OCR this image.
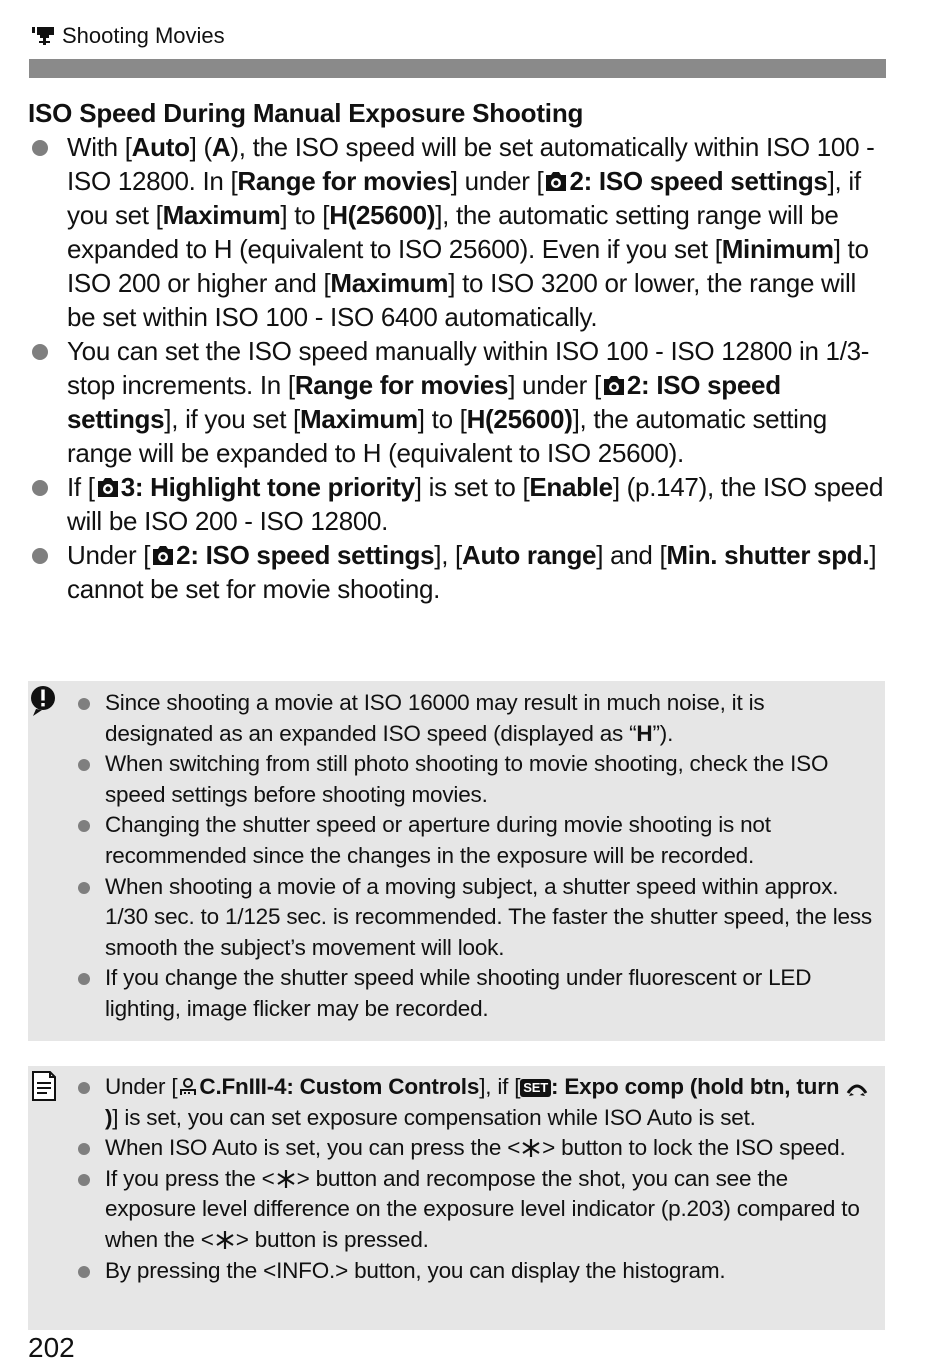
Shooting Movies
ISO Speed During Manual Exposure Shooting
With [Auto] (A), the ISO speed will be set automatically within ISO 100 - ISO 12800. In [Range for movies] under [ 2: ISO speed settings], if you set [Maximum] to [H(25600)], the automatic setting range will be expanded to H (equivalent to ISO 25600). Even if you set [Minimum] to ISO 200 or higher and [Maximum] to ISO 3200 or lower, the range will be set within ISO 100 - ISO 6400 automatically.
You can set the ISO speed manually within ISO 100 - ISO 12800 in 1/3-stop increments. In [Range for movies] under [ 2: ISO speed settings], if you set [Maximum] to [H(25600)], the automatic setting range will be expanded to H (equivalent to ISO 25600).
If [ 3: Highlight tone priority] is set to [Enable] (p.147), the ISO speed will be ISO 200 - ISO 12800.
Under [ 2: ISO speed settings], [Auto range] and [Min. shutter spd.] cannot be set for movie shooting.
Since shooting a movie at ISO 16000 may result in much noise, it is designated as an expanded ISO speed (displayed as “H”).
When switching from still photo shooting to movie shooting, check the ISO speed settings before shooting movies.
Changing the shutter speed or aperture during movie shooting is not recommended since the changes in the exposure will be recorded.
When shooting a movie of a moving subject, a shutter speed within approx. 1/30 sec. to 1/125 sec. is recommended. The faster the shutter speed, the less smooth the subject’s movement will look.
If you change the shutter speed while shooting under fluorescent or LED lighting, image flicker may be recorded.
Under [ C.FnIII-4: Custom Controls], if [ SET : Expo comp (hold btn, turn )] is set, you can set exposure compensation while ISO Auto is set.
When ISO Auto is set, you can press the < > button to lock the ISO speed.
If you press the < > button and recompose the shot, you can see the exposure level difference on the exposure level indicator (p.203) compared to when the < > button is pressed.
By pressing the <INFO.> button, you can display the histogram.
202
